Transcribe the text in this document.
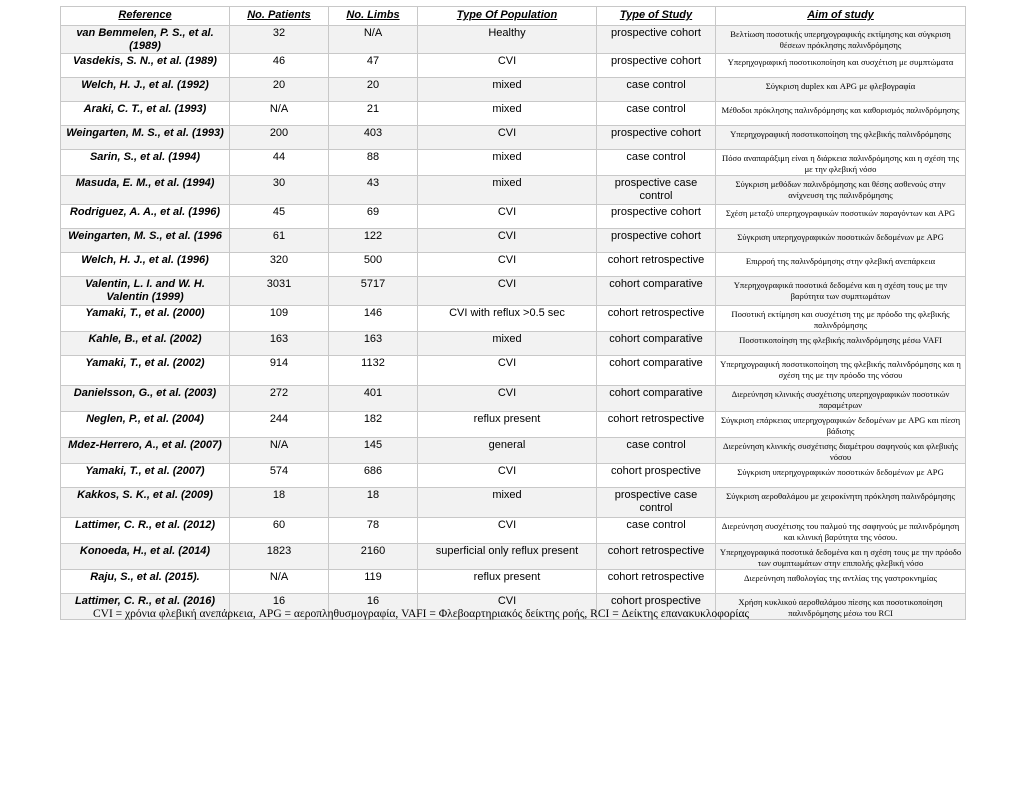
Reference	No. Patients	No. Limbs	Type Of Population	Type of Study	Aim of study
van Bemmelen, P. S., et al. (1989)	32	N/A	Healthy	prospective cohort	Βελτίωση ποσοτικής υπερηχογραφικής εκτίμησης και σύγκριση θέσεων πρόκλησης παλινδρόμησης
Vasdekis, S. N., et al. (1989)	46	47	CVI	prospective cohort	Υπερηχογραφική ποσοτικοποίηση και συσχέτιση με συμπτώματα
Welch, H. J., et al. (1992)	20	20	mixed	case control	Σύγκριση duplex και APG με φλεβογραφία
Araki, C. T., et al. (1993)	N/A	21	mixed	case control	Μέθοδοι πρόκλησης παλινδρόμησης και καθορισμός παλινδρόμησης
Weingarten, M. S., et al. (1993)	200	403	CVI	prospective cohort	Υπερηχογραφική ποσοτικοποίηση της φλεβικής παλινδρόμησης
Sarin, S., et al. (1994)	44	88	mixed	case control	Πόσο αναπαράξιμη είναι η διάρκεια παλινδρόμησης και η σχέση της με την φλεβική νόσο
Masuda, E. M., et al. (1994)	30	43	mixed	prospective case control	Σύγκριση μεθόδων παλινδρόμησης και θέσης ασθενούς στην ανίχνευση της παλινδρόμησης
Rodriguez, A. A., et al. (1996)	45	69	CVI	prospective cohort	Σχέση μεταξύ υπερηχογραφικών ποσοτικών παραγόντων και APG
Weingarten, M. S., et al. (1996	61	122	CVI	prospective cohort	Σύγκριση υπερηχογραφικών ποσοτικών δεδομένων με APG
Welch, H. J., et al. (1996)	320	500	CVI	cohort retrospective	Επιρροή της παλινδρόμησης στην φλεβική ανεπάρκεια
Valentin, L. I. and W. H. Valentin (1999)	3031	5717	CVI	cohort comparative	Υπερηχογραφικά ποσοτικά δεδομένα και η σχέση τους με την βαρύτητα των συμπτωμάτων
Yamaki, T., et al. (2000)	109	146	CVI with reflux >0.5 sec	cohort retrospective	Ποσοτική εκτίμηση και συσχέτιση της με πρόοδο της φλεβικής παλινδρόμησης
Kahle, B., et al. (2002)	163	163	mixed	cohort comparative	Ποσοτικοποίηση της φλεβικής παλινδρόμησης μέσω VAFI
Yamaki, T., et al. (2002)	914	1132	CVI	cohort comparative	Υπερηχογραφική ποσοτικοποίηση της φλεβικής παλινδρόμησης και η σχέση της με την πρόοδο της νόσου
Danielsson, G., et al. (2003)	272	401	CVI	cohort comparative	Διερεύνηση κλινικής συσχέτισης υπερηχογραφικών ποσοτικών παραμέτρων
Neglen, P., et al. (2004)	244	182	reflux present	cohort retrospective	Σύγκριση επάρκειας υπερηχογραφικών δεδομένων με APG και πίεση βάδισης
Mdez-Herrero, A., et al. (2007)	N/A	145	general	case control	Διερεύνηση κλινικής συσχέτισης διαμέτρου σαφηνούς και φλεβικής νόσου
Yamaki, T., et al. (2007)	574	686	CVI	cohort prospective	Σύγκριση υπερηχογραφικών ποσοτικών δεδομένων με APG
Kakkos, S. K., et al. (2009)	18	18	mixed	prospective case control	Σύγκριση αεροθαλάμου με χειροκίνητη πρόκληση παλινδρόμησης
Lattimer, C. R., et al. (2012)	60	78	CVI	case control	Διερεύνηση συσχέτισης του παλμού της σαφηνούς με παλινδρόμηση και κλινική βαρύτητα της νόσου.
Konoeda, H., et al. (2014)	1823	2160	superficial only reflux present	cohort retrospective	Υπερηχογραφικά ποσοτικά δεδομένα και η σχέση τους με την πρόοδο των συμπτωμάτων στην επιπολής φλεβική νόσο
Raju, S., et al. (2015).	N/A	119	reflux present	cohort retrospective	Διερεύνηση παθολογίας της αντλίας της γαστροκνημίας
Lattimer, C. R., et al. (2016)	16	16	CVI	cohort prospective	Χρήση κυκλικού αεροθαλάμου πίεσης και ποσοτικοποίηση παλινδρόμησης μέσω του RCI
CVI = χρόνια φλεβική ανεπάρκεια, APG = αεροπληθυσμογραφία, VAFI = Φλεβοαρτηριακός δείκτης ροής, RCI = Δείκτης επανακυκλοφορίας
